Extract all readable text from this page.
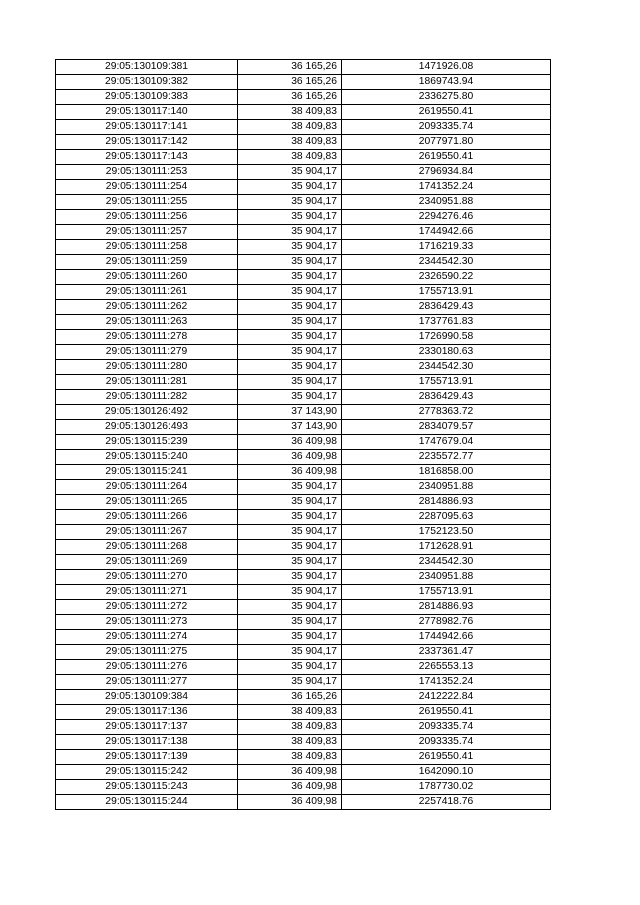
29:05:130109:381	36 165,26	1471926.08
29:05:130109:382	36 165,26	1869743.94
29:05:130109:383	36 165,26	2336275.80
29:05:130117:140	38 409,83	2619550.41
29:05:130117:141	38 409,83	2093335.74
29:05:130117:142	38 409,83	2077971.80
29:05:130117:143	38 409,83	2619550.41
29:05:130111:253	35 904,17	2796934.84
29:05:130111:254	35 904,17	1741352.24
29:05:130111:255	35 904,17	2340951.88
29:05:130111:256	35 904,17	2294276.46
29:05:130111:257	35 904,17	1744942.66
29:05:130111:258	35 904,17	1716219.33
29:05:130111:259	35 904,17	2344542.30
29:05:130111:260	35 904,17	2326590.22
29:05:130111:261	35 904,17	1755713.91
29:05:130111:262	35 904,17	2836429.43
29:05:130111:263	35 904,17	1737761.83
29:05:130111:278	35 904,17	1726990.58
29:05:130111:279	35 904,17	2330180.63
29:05:130111:280	35 904,17	2344542.30
29:05:130111:281	35 904,17	1755713.91
29:05:130111:282	35 904,17	2836429.43
29:05:130126:492	37 143,90	2778363.72
29:05:130126:493	37 143,90	2834079.57
29:05:130115:239	36 409,98	1747679.04
29:05:130115:240	36 409,98	2235572.77
29:05:130115:241	36 409,98	1816858.00
29:05:130111:264	35 904,17	2340951.88
29:05:130111:265	35 904,17	2814886.93
29:05:130111:266	35 904,17	2287095.63
29:05:130111:267	35 904,17	1752123.50
29:05:130111:268	35 904,17	1712628.91
29:05:130111:269	35 904,17	2344542.30
29:05:130111:270	35 904,17	2340951.88
29:05:130111:271	35 904,17	1755713.91
29:05:130111:272	35 904,17	2814886.93
29:05:130111:273	35 904,17	2778982.76
29:05:130111:274	35 904,17	1744942.66
29:05:130111:275	35 904,17	2337361.47
29:05:130111:276	35 904,17	2265553.13
29:05:130111:277	35 904,17	1741352.24
29:05:130109:384	36 165,26	2412222.84
29:05:130117:136	38 409,83	2619550.41
29:05:130117:137	38 409,83	2093335.74
29:05:130117:138	38 409,83	2093335.74
29:05:130117:139	38 409,83	2619550.41
29:05:130115:242	36 409,98	1642090.10
29:05:130115:243	36 409,98	1787730.02
29:05:130115:244	36 409,98	2257418.76
